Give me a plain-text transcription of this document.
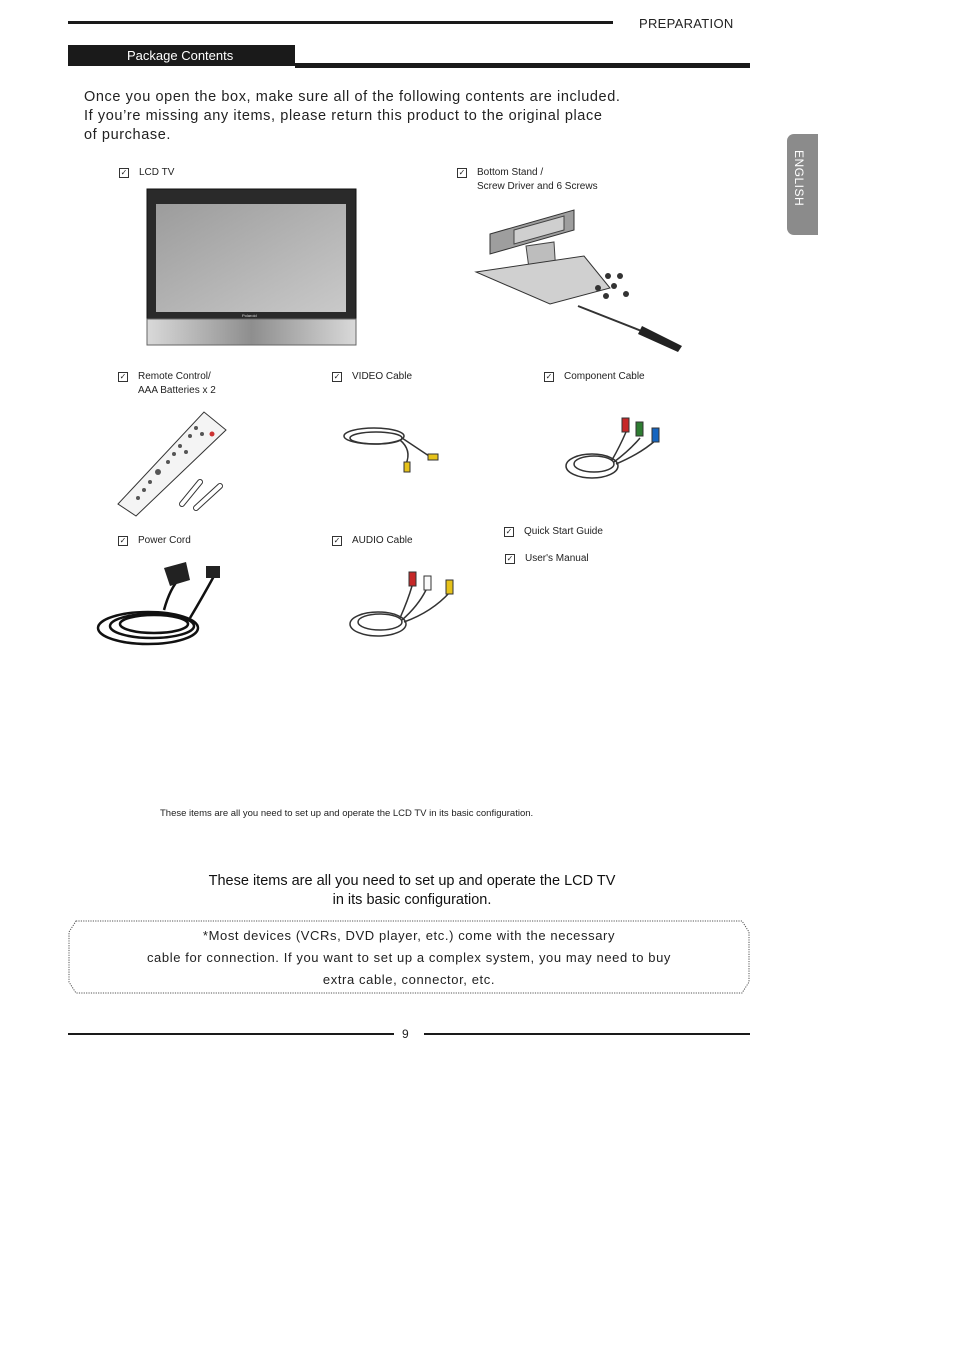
PREPARATION
Package Contents
ENGLISH
Once you open the box, make sure all of the following contents are included.
If you’re missing any items, please return this product to the original place
of purchase.
✓ LCD TV
Polaroid
✓ Bottom Stand /
Screw Driver and 6 Screws
✓ Remote Control/
AAA Batteries x 2
✓ VIDEO Cable	✓ Component Cable
✓ Quick Start Guide
✓ User's Manual
✓ Power Cord	✓ AUDIO Cable
These items are all you need to set up and operate the LCD TV in its basic configuration.
These items are all you need to set up and operate the LCD TV
in its basic configuration.
*Most devices (VCRs, DVD player, etc.) come with the necessary
cable for connection. If you want to set up a complex system, you may need to buy
extra cable, connector, etc.
9
